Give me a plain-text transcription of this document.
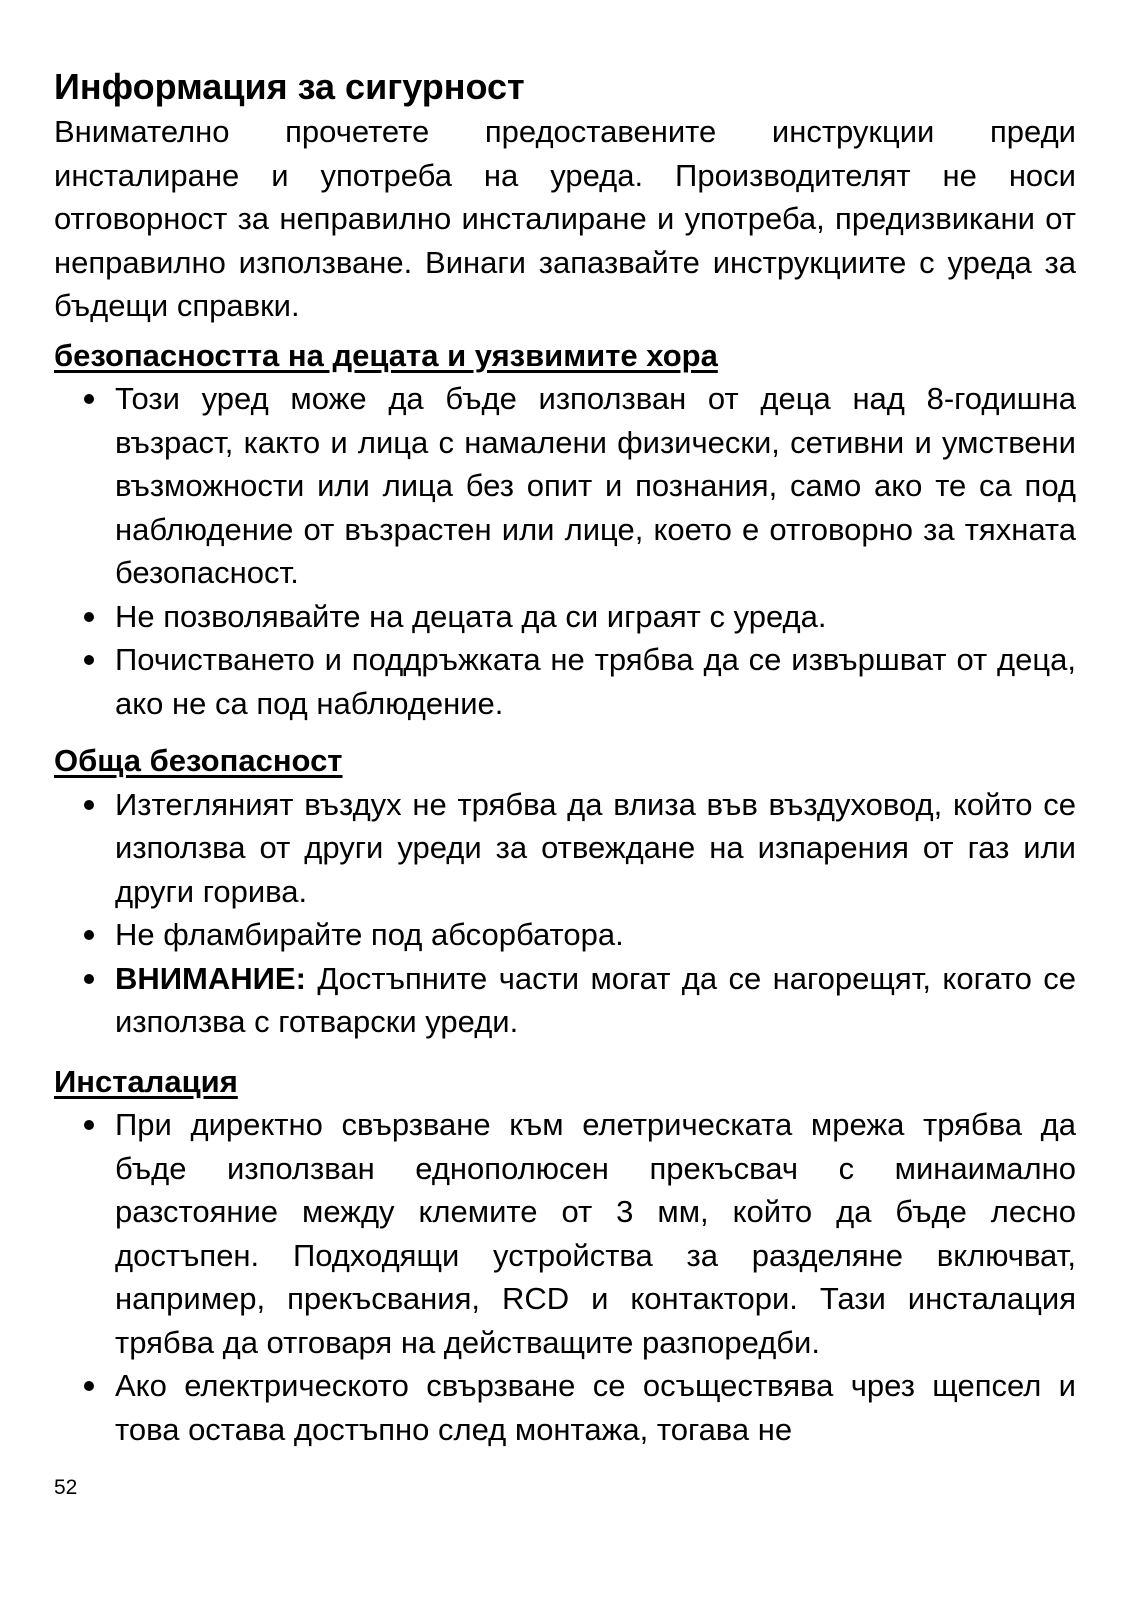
Информация за сигурност

Внимателно прочетете предоставените инструкции преди инсталиране и употреба на уреда. Производителят не носи отговорност за неправилно инсталиране и употреба, предизвикани от неправилно използване. Винаги запазвайте инструкциите с уреда за бъдещи справки.

безопасността на децата и уязвимите хора
Този уред може да бъде използван от деца над 8-годишна възраст, както и лица с намалени физически, сетивни и умствени възможности или лица без опит и познания, само ако те са под наблюдение от възрастен или лице, което е отговорно за тяхната безопасност.
Не позволявайте на децата да си играят с уреда.
Почистването и поддръжката не трябва да се извършват от деца, ако не са под наблюдение.
Обща безопасност
Изтегляният въздух не трябва да влиза във въздуховод, който се използва от други уреди за отвеждане на изпарения от газ или други горива.
Не фламбирайте под абсорбатора.
ВНИМАНИЕ: Достъпните части могат да се нагорещят, когато се използва с готварски уреди.
Инсталация
При директно свързване към елетрическата мрежа трябва да бъде използван еднополюсен прекъсвач с минаимално разстояние между клемите от 3 мм, който да бъде лесно достъпен. Подходящи устройства за разделяне включват, например, прекъсвания, RCD и контактори. Тази инсталация трябва да отговаря на действащите разпоредби.
Ако електрическото свързване се осъществява чрез щепсел и това остава достъпно след монтажа, тогава не
52
